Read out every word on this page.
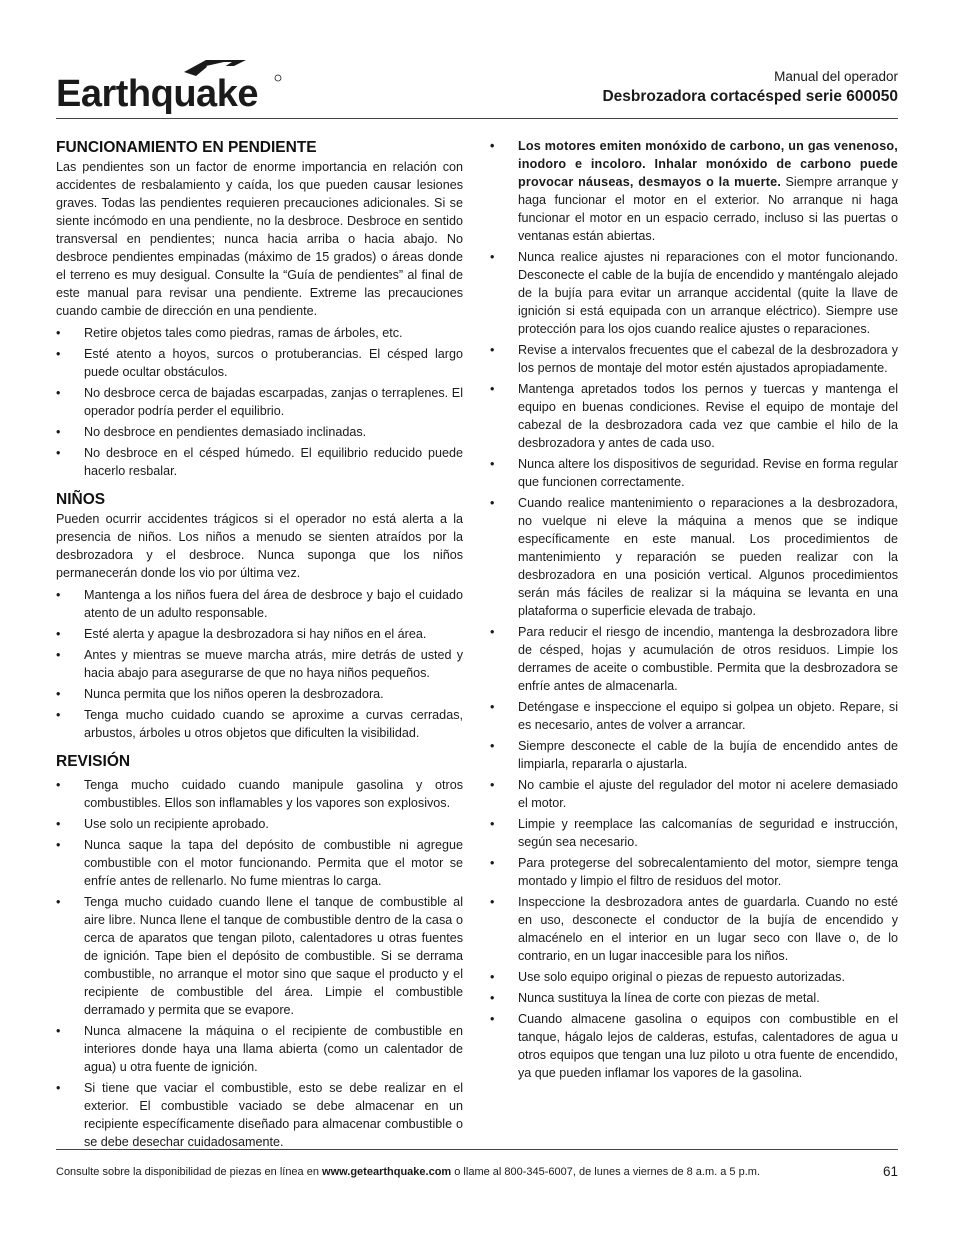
Earthquake	Manual del operador
Desbrozadora cortacésped serie 600050
FUNCIONAMIENTO EN PENDIENTE

Las pendientes son un factor de enorme importancia en relación con accidentes de resbalamiento y caída, los que pueden causar lesiones graves. Todas las pendientes requieren precauciones adicionales. Si se siente incómodo en una pendiente, no la desbroce. Desbroce en sentido transversal en pendientes; nunca hacia arriba o hacia abajo. No desbroce pendientes empinadas (máximo de 15 grados) o áreas donde el terreno es muy desigual. Consulte la “Guía de pendientes” al final de este manual para revisar una pendiente. Extreme las precauciones cuando cambie de dirección en una pendiente.

• Retire objetos tales como piedras, ramas de árboles, etc.
• Esté atento a hoyos, surcos o protuberancias. El césped largo puede ocultar obstáculos.
• No desbroce cerca de bajadas escarpadas, zanjas o terraplenes. El operador podría perder el equilibrio.
• No desbroce en pendientes demasiado inclinadas.
• No desbroce en el césped húmedo. El equilibrio reducido puede hacerlo resbalar.
NIÑOS

Pueden ocurrir accidentes trágicos si el operador no está alerta a la presencia de niños. Los niños a menudo se sienten atraídos por la desbrozadora y el desbroce. Nunca suponga que los niños permanecerán donde los vio por última vez.

• Mantenga a los niños fuera del área de desbroce y bajo el cuidado atento de un adulto responsable.
• Esté alerta y apague la desbrozadora si hay niños en el área.
• Antes y mientras se mueve marcha atrás, mire detrás de usted y hacia abajo para asegurarse de que no haya niños pequeños.
• Nunca permita que los niños operen la desbrozadora.
• Tenga mucho cuidado cuando se aproxime a curvas cerradas, arbustos, árboles u otros objetos que dificulten la visibilidad.
REVISIÓN
• Tenga mucho cuidado cuando manipule gasolina y otros combustibles. Ellos son inflamables y los vapores son explosivos.
• Use solo un recipiente aprobado.
• Nunca saque la tapa del depósito de combustible ni agregue combustible con el motor funcionando. Permita que el motor se enfríe antes de rellenarlo. No fume mientras lo carga.
• Tenga mucho cuidado cuando llene el tanque de combustible al aire libre. Nunca llene el tanque de combustible dentro de la casa o cerca de aparatos que tengan piloto, calentadores u otras fuentes de ignición. Tape bien el depósito de combustible. Si se derrama combustible, no arranque el motor sino que saque el producto y el recipiente de combustible del área. Limpie el combustible derramado y permita que se evapore.
• Nunca almacene la máquina o el recipiente de combustible en interiores donde haya una llama abierta (como un calentador de agua) u otra fuente de ignición.
• Si tiene que vaciar el combustible, esto se debe realizar en el exterior. El combustible vaciado se debe almacenar en un recipiente específicamente diseñado para almacenar combustible o se debe desechar cuidadosamente.
• Los motores emiten monóxido de carbono, un gas venenoso, inodoro e incoloro. Inhalar monóxido de carbono puede provocar náuseas, desmayos o la muerte. Siempre arranque y haga funcionar el motor en el exterior. No arranque ni haga funcionar el motor en un espacio cerrado, incluso si las puertas o ventanas están abiertas.
• Nunca realice ajustes ni reparaciones con el motor funcionando. Desconecte el cable de la bujía de encendido y manténgalo alejado de la bujía para evitar un arranque accidental (quite la llave de ignición si está equipada con un arranque eléctrico). Siempre use protección para los ojos cuando realice ajustes o reparaciones.
• Revise a intervalos frecuentes que el cabezal de la desbrozadora y los pernos de montaje del motor estén ajustados apropiadamente.
• Mantenga apretados todos los pernos y tuercas y mantenga el equipo en buenas condiciones. Revise el equipo de montaje del cabezal de la desbrozadora cada vez que cambie el hilo de la desbrozadora y antes de cada uso.
• Nunca altere los dispositivos de seguridad. Revise en forma regular que funcionen correctamente.
• Cuando realice mantenimiento o reparaciones a la desbrozadora, no vuelque ni eleve la máquina a menos que se indique específicamente en este manual. Los procedimientos de mantenimiento y reparación se pueden realizar con la desbrozadora en una posición vertical. Algunos procedimientos serán más fáciles de realizar si la máquina se levanta en una plataforma o superficie elevada de trabajo.
• Para reducir el riesgo de incendio, mantenga la desbrozadora libre de césped, hojas y acumulación de otros residuos. Limpie los derrames de aceite o combustible. Permita que la desbrozadora se enfríe antes de almacenarla.
• Deténgase e inspeccione el equipo si golpea un objeto. Repare, si es necesario, antes de volver a arrancar.
• Siempre desconecte el cable de la bujía de encendido antes de limpiarla, repararla o ajustarla.
• No cambie el ajuste del regulador del motor ni acelere demasiado el motor.
• Limpie y reemplace las calcomanías de seguridad e instrucción, según sea necesario.
• Para protegerse del sobrecalentamiento del motor, siempre tenga montado y limpio el filtro de residuos del motor.
• Inspeccione la desbrozadora antes de guardarla. Cuando no esté en uso, desconecte el conductor de la bujía de encendido y almacénelo en el interior en un lugar seco con llave o, de lo contrario, en un lugar inaccesible para los niños.
• Use solo equipo original o piezas de repuesto autorizadas.
• Nunca sustituya la línea de corte con piezas de metal.
• Cuando almacene gasolina o equipos con combustible en el tanque, hágalo lejos de calderas, estufas, calentadores de agua u otros equipos que tengan una luz piloto u otra fuente de encendido, ya que pueden inflamar los vapores de la gasolina.
Consulte sobre la disponibilidad de piezas en línea en www.getearthquake.com o llame al 800-345-6007, de lunes a viernes de 8 a.m. a 5 p.m.	61
